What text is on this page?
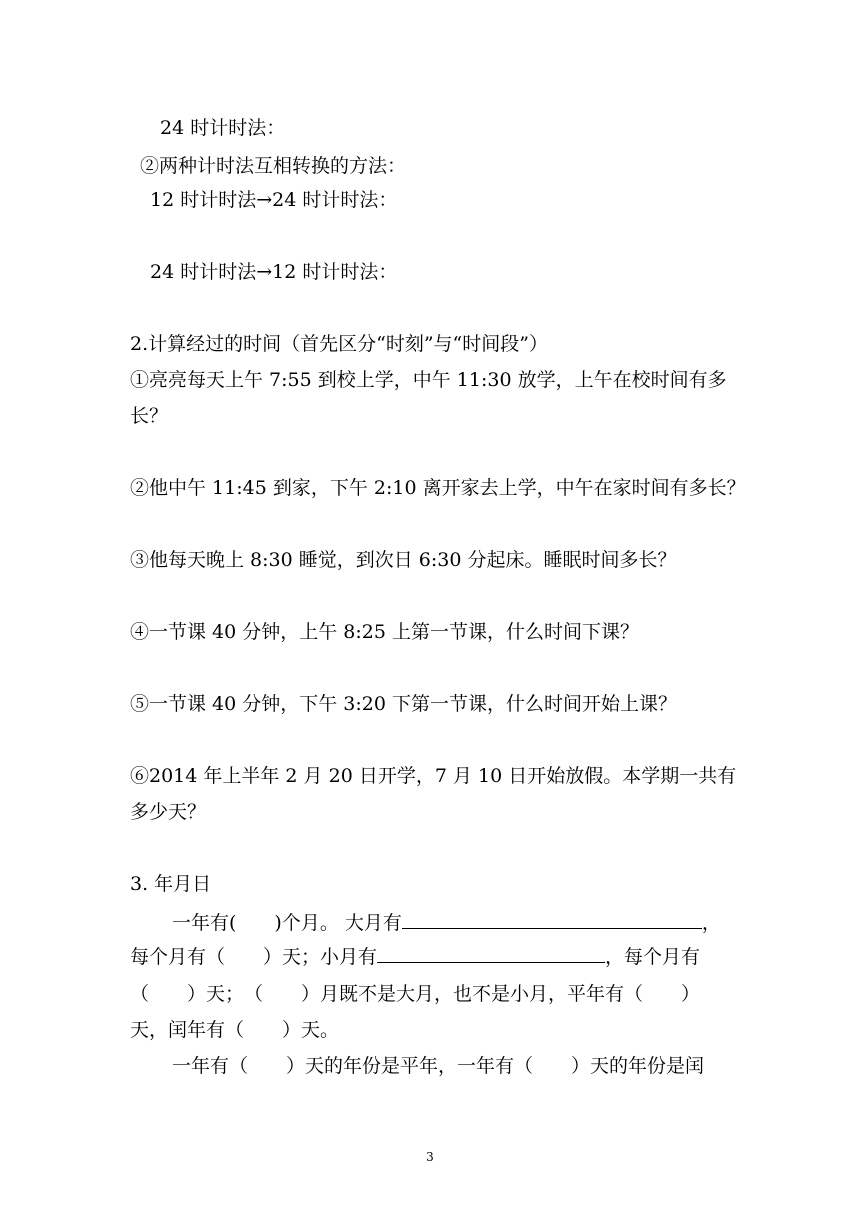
24 时计时法：
②两种计时法互相转换的方法：
12 时计时法→24 时计时法：
24 时计时法→12 时计时法：
2.计算经过的时间（首先区分“时刻”与“时间段”）
①亮亮每天上午 7:55 到校上学，中午 11:30 放学，上午在校时间有多
长？
②他中午 11:45 到家，下午 2:10 离开家去上学，中午在家时间有多长？
③他每天晚上 8:30 睡觉，到次日 6:30 分起床。睡眠时间多长？
④一节课 40 分钟，上午 8:25 上第一节课，什么时间下课？
⑤一节课 40 分钟，下午 3:20 下第一节课，什么时间开始上课？
⑥2014 年上半年 2 月 20 日开学，7 月 10 日开始放假。本学期一共有
多少天？
3. 年月日
一年有(　　)个月。 大月有	，
每个月有（　　）天；小月有	，每个月有
（　　）天；　（　　）月既不是大月，也不是小月，平年有（　　）
天，闰年有（　　）天。
一年有（　　）天的年份是平年，一年有（　　）天的年份是闰
3
